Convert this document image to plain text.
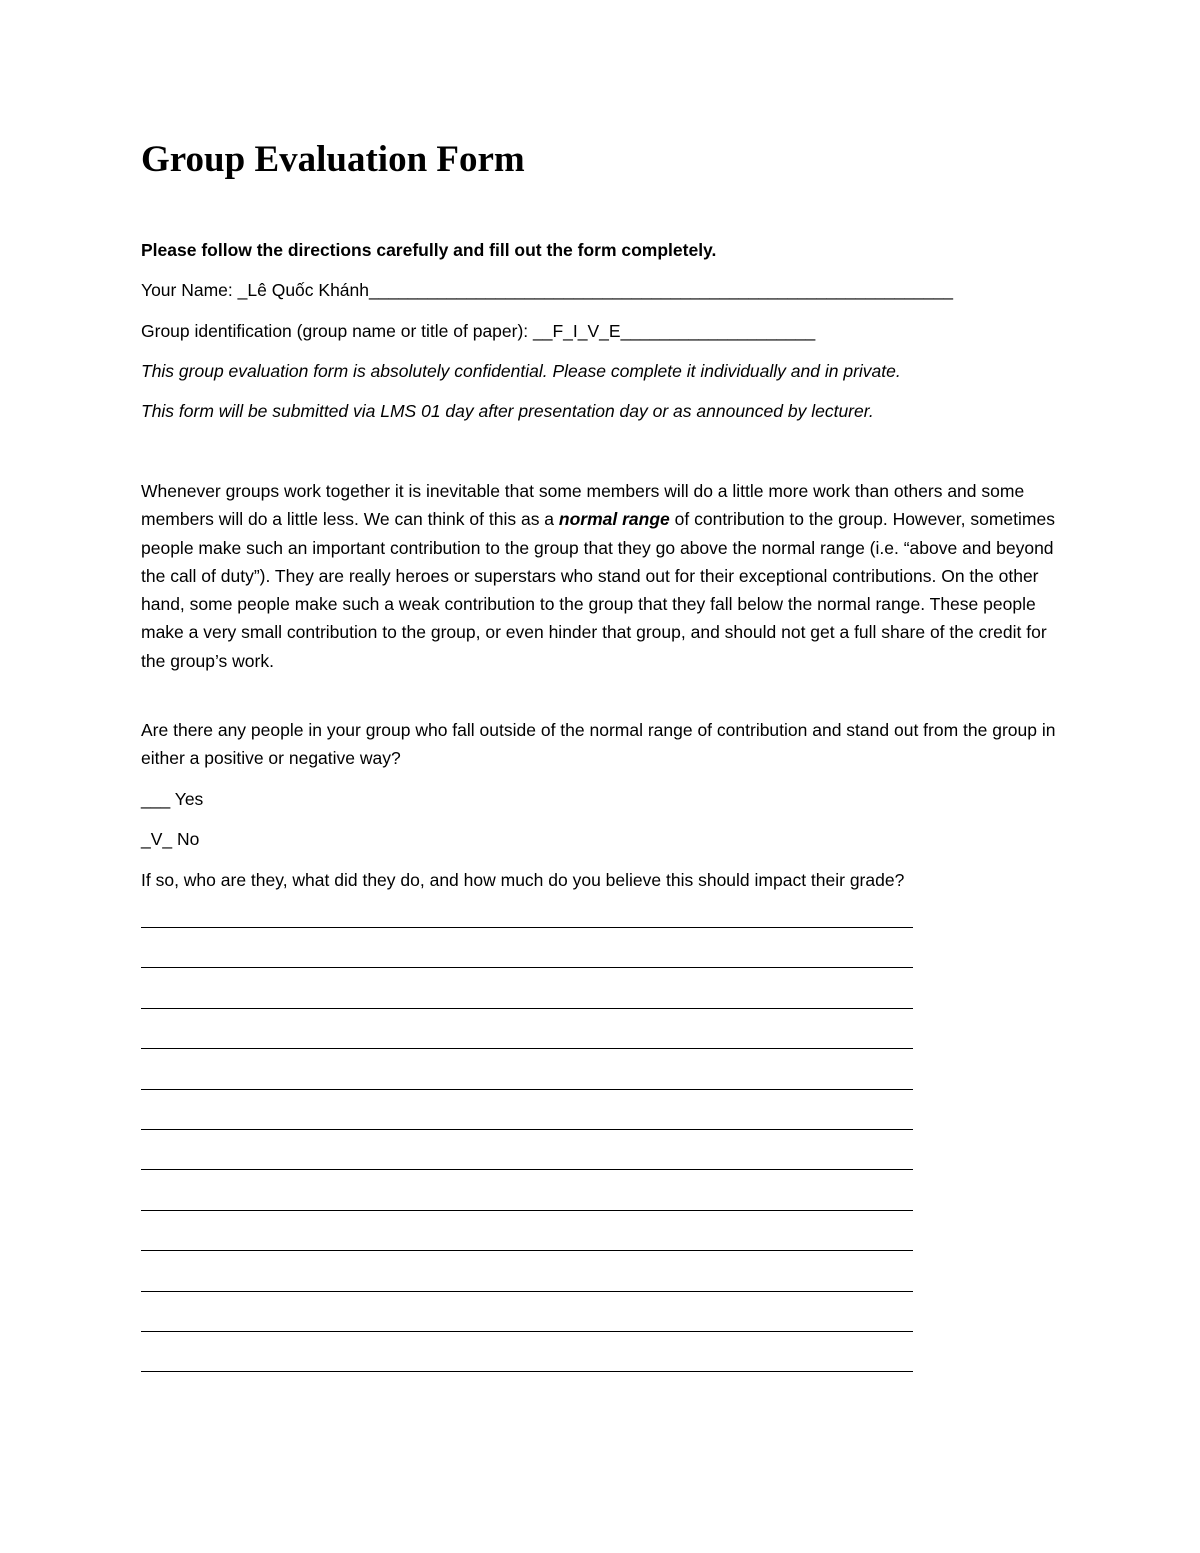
Group Evaluation Form
Please follow the directions carefully and fill out the form completely.
Your Name: _Lê Quốc Khánh____________________________________________________________
Group identification (group name or title of paper): __F_I_V_E____________________
This group evaluation form is absolutely confidential. Please complete it individually and in private.
This form will be submitted via LMS 01 day after presentation day or as announced by lecturer.
Whenever groups work together it is inevitable that some members will do a little more work than others and some members will do a little less. We can think of this as a normal range of contribution to the group. However, sometimes people make such an important contribution to the group that they go above the normal range (i.e. “above and beyond the call of duty”). They are really heroes or superstars who stand out for their exceptional contributions. On the other hand, some people make such a weak contribution to the group that they fall below the normal range. These people make a very small contribution to the group, or even hinder that group, and should not get a full share of the credit for the group’s work.
Are there any people in your group who fall outside of the normal range of contribution and stand out from the group in either a positive or negative way?
___ Yes
_V_ No
If so, who are they, what did they do, and how much do you believe this should impact their grade?
